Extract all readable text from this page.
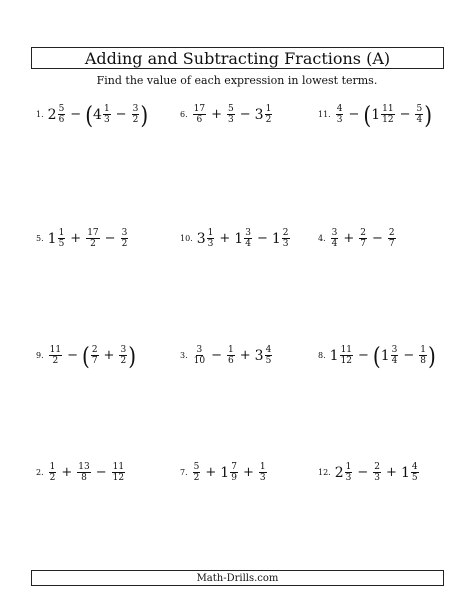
Adding and Subtracting Fractions (A)
Find the value of each expression in lowest terms.
1. $2 \frac{5}{6}$ − ( $4 \frac{1}{3} - \frac{3}{2}$ )
5. $1 \frac{1}{5} + \frac{17}{2} - \frac{3}{2}$
9. $\frac{11}{2}$ − ( $\frac{2}{7} + \frac{3}{2}$ )
2. $\frac{1}{2} + \frac{13}{8} - \frac{11}{12}$
6. $\frac{17}{6} + \frac{5}{3} - 3 \frac{1}{2}$
10. $3 \frac{1}{3} + 1 \frac{3}{4} - 1 \frac{2}{3}$
3. $\frac{3}{10} - \frac{1}{6} + 3 \frac{4}{5}$
7. $\frac{5}{2} + 1 \frac{7}{9} + \frac{1}{3}$
11. $\frac{4}{3}$ − ( $1 \frac{11}{12} - \frac{5}{4}$ )
4. $\frac{3}{4} + \frac{2}{7} - \frac{2}{7}$
8. $1 \frac{11}{12}$ − ( $1 \frac{3}{4} - \frac{1}{8}$ )
12. $2 \frac{1}{3} - \frac{2}{3} + 1 \frac{4}{5}$
Math-Drills.com
